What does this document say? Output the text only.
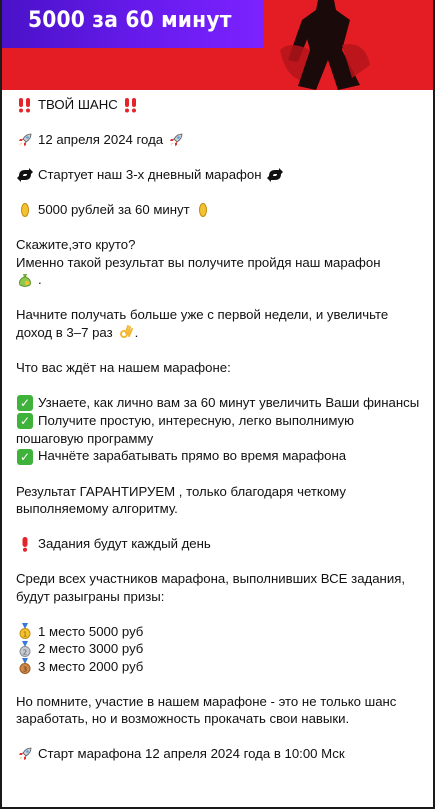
5000 за 60 минут
ТВОЙ ШАНС
12 апреля 2024 года
Стартует наш 3-х дневный марафон
5000 рублей за 60 минут
Скажите,это круто?
Именно такой результат вы получите пройдя наш марафон
.
Начните получать больше уже с первой недели, и увеличьте
доход в 3–7 раз .
Что вас ждёт на нашем марафоне:
✓ Узнаете, как лично вам за 60 минут увеличить Ваши финансы
✓ Получите простую, интересную, легко выполнимую пошаговую программу
✓ Начнёте зарабатывать прямо во время марафона
Результат ГАРАНТИРУЕМ , только благодаря четкому выполняемому алгоритму.
Задания будут каждый день
Среди всех участников марафона, выполнивших ВСЕ задания, будут разыграны призы:
1 1 место 5000 руб
2 2 место 3000 руб
3 3 место 2000 руб
Но помните, участие в нашем марафоне - это не только шанс заработать, но и возможность прокачать свои навыки.
Старт марафона 12 апреля 2024 года в 10:00 Мск
